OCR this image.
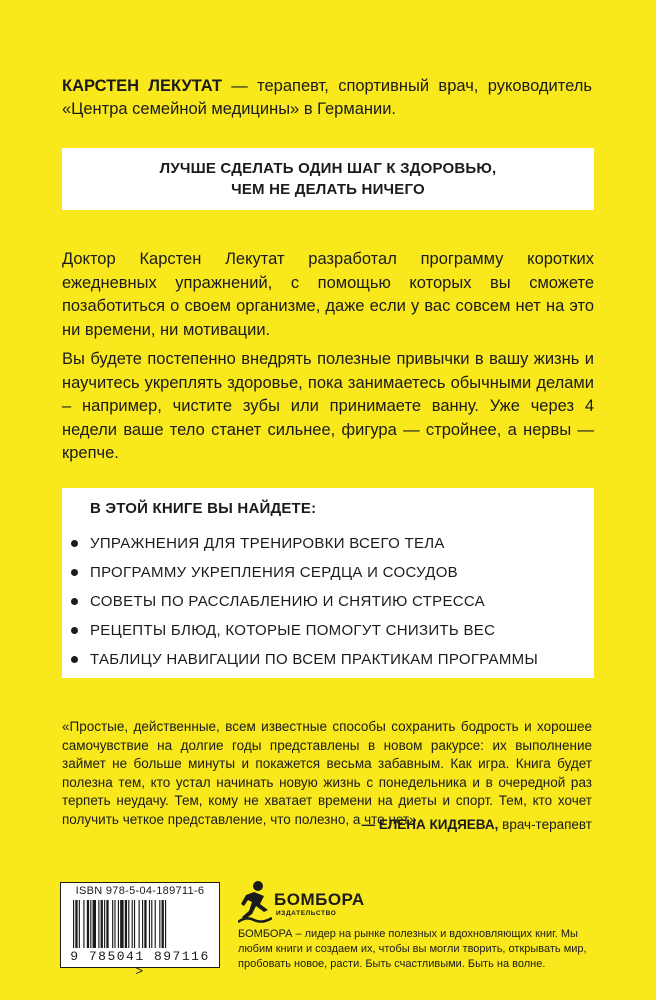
КАРСТЕН ЛЕКУТАТ — терапевт, спортивный врач, руководитель «Центра семейной медицины» в Германии.

ЛУЧШЕ СДЕЛАТЬ ОДИН ШАГ К ЗДОРОВЬЮ,
ЧЕМ НЕ ДЕЛАТЬ НИЧЕГО

Доктор Карстен Лекутат разработал программу коротких ежедневных упражнений, с помощью которых вы сможете позаботиться о своем организме, даже если у вас совсем нет на это ни времени, ни мотивации.

Вы будете постепенно внедрять полезные привычки в вашу жизнь и научитесь укреплять здоровье, пока занимаетесь обычными делами – например, чистите зубы или принимаете ванну. Уже через 4 недели ваше тело станет сильнее, фигура — стройнее, а нервы — крепче.

В ЭТОЙ КНИГЕ ВЫ НАЙДЕТЕ:
УПРАЖНЕНИЯ ДЛЯ ТРЕНИРОВКИ ВСЕГО ТЕЛА
ПРОГРАММУ УКРЕПЛЕНИЯ СЕРДЦА И СОСУДОВ
СОВЕТЫ ПО РАССЛАБЛЕНИЮ И СНЯТИЮ СТРЕССА
РЕЦЕПТЫ БЛЮД, КОТОРЫЕ ПОМОГУТ СНИЗИТЬ ВЕС
ТАБЛИЦУ НАВИГАЦИИ ПО ВСЕМ ПРАКТИКАМ ПРОГРАММЫ

«Простые, действенные, всем известные способы сохранить бодрость и хорошее самочувствие на долгие годы представлены в новом ракурсе: их выполнение займет не больше минуты и покажется весьма забавным. Как игра. Книга будет полезна тем, кто устал начинать новую жизнь с понедельника и в очередной раз терпеть неудачу. Тем, кому не хватает времени на диеты и спорт. Тем, кто хочет получить четкое представление, что полезно, а что нет».

— ЕЛЕНА КИДЯЕВА, врач-терапевт
ISBN 978-5-04-189711-6
9 785041 897116 >
БОМБОРА
ИЗДАТЕЛЬСТВО

БОМБОРА – лидер на рынке полезных и вдохновляющих книг. Мы любим книги и создаем их, чтобы вы могли творить, открывать мир, пробовать новое, расти. Быть счастливыми. Быть на волне.
